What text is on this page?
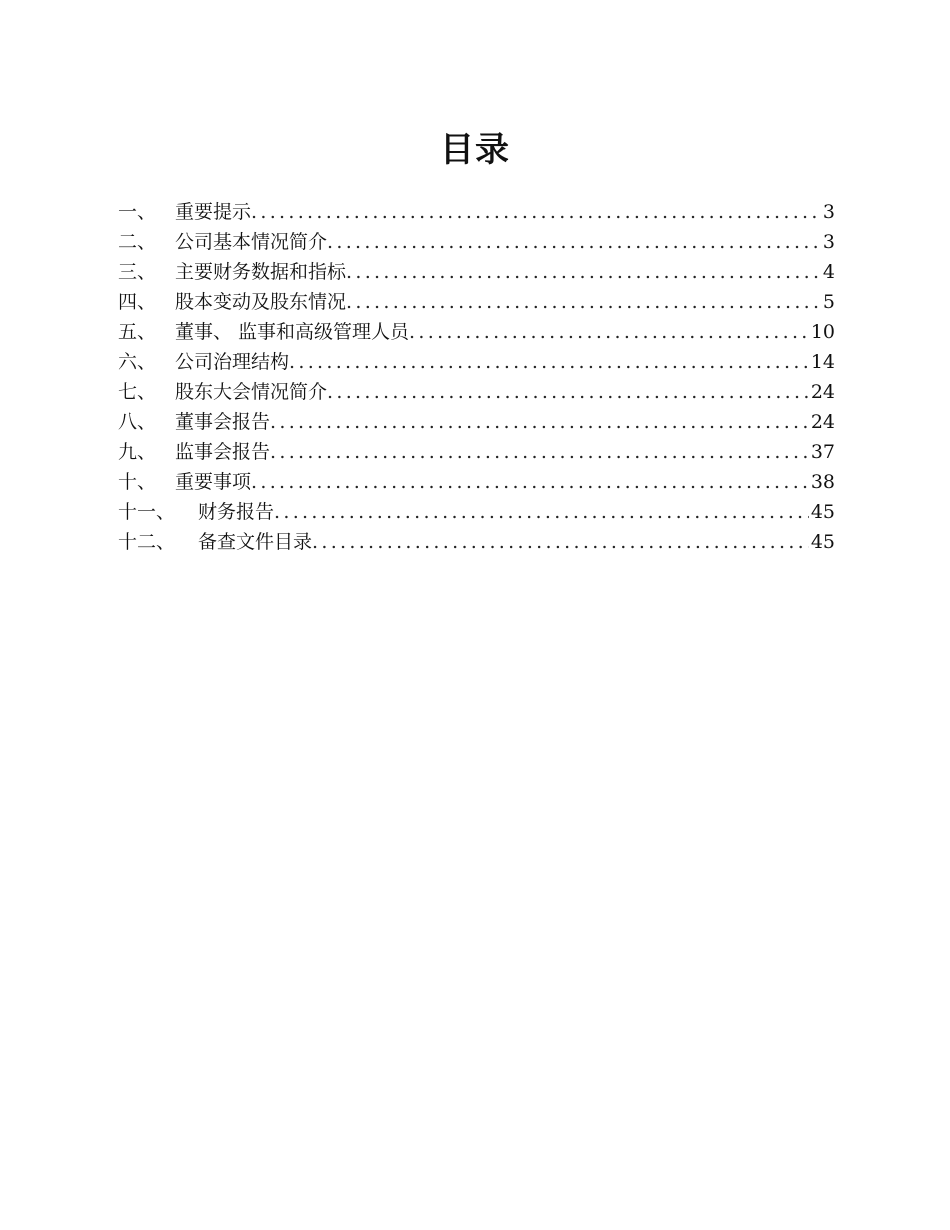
目录
一、 重要提示 .....	3
二、 公司基本情况简介 .....	3
三、 主要财务数据和指标 .....	4
四、 股本变动及股东情况 .....	5
五、 董事、 监事和高级管理人员 .....	10
六、 公司治理结构 .....	14
七、 股东大会情况简介 .....	24
八、 董事会报告 .....	24
九、 监事会报告 .....	37
十、 重要事项 .....	38
十一、	财务报告 .....	45
十二、	备查文件目录 .....	45
